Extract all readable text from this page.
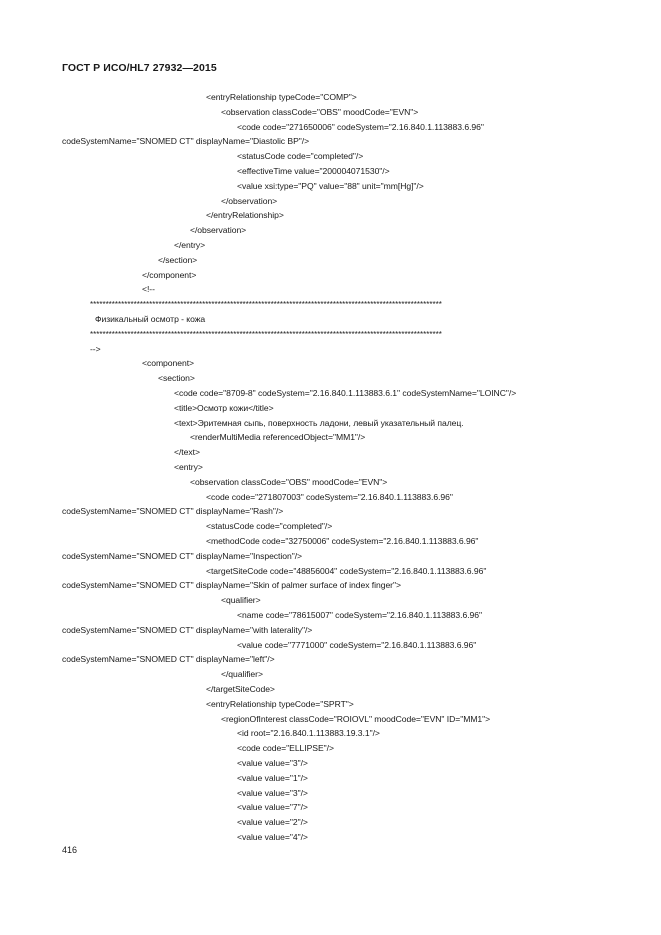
ГОСТ Р ИСО/HL7 27932—2015
<entryRelationship typeCode="COMP">
<observation classCode="OBS" moodCode="EVN">
<code code="271650006" codeSystem="2.16.840.1.113883.6.96"
codeSystemName="SNOMED CT" displayName="Diastolic BP"/>
<statusCode code="completed"/>
<effectiveTime value="200004071530"/>
<value xsi:type="PQ" value="88" unit="mm[Hg]"/>
</observation>
</entryRelationship>
</observation>
</entry>
</section>
</component>
<!--
*****************************************************************************************************************
Физикальный осмотр - кожа
*****************************************************************************************************************
-->
<component>
<section>
<code code="8709-8" codeSystem="2.16.840.1.113883.6.1" codeSystemName="LOINC"/>
<title>Осмотр кожи</title>
<text>Эритемная сыпь, поверхность ладони, левый указательный палец.
<renderMultiMedia referencedObject="MM1"/>
</text>
<entry>
<observation classCode="OBS" moodCode="EVN">
<code code="271807003" codeSystem="2.16.840.1.113883.6.96"
codeSystemName="SNOMED CT" displayName="Rash"/>
<statusCode code="completed"/>
<methodCode code="32750006" codeSystem="2.16.840.1.113883.6.96"
codeSystemName="SNOMED CT" displayName="Inspection"/>
<targetSiteCode code="48856004" codeSystem="2.16.840.1.113883.6.96"
codeSystemName="SNOMED CT" displayName="Skin of palmer surface of index finger">
<qualifier>
<name code="78615007" codeSystem="2.16.840.1.113883.6.96"
codeSystemName="SNOMED CT" displayName="with laterality"/>
<value code="7771000" codeSystem="2.16.840.1.113883.6.96"
codeSystemName="SNOMED CT" displayName="left"/>
</qualifier>
</targetSiteCode>
<entryRelationship typeCode="SPRT">
<regionOfInterest classCode="ROIOVL" moodCode="EVN" ID="MM1">
<id root="2.16.840.1.113883.19.3.1"/>
<code code="ELLIPSE"/>
<value value="3"/>
<value value="1"/>
<value value="3"/>
<value value="7"/>
<value value="2"/>
<value value="4"/>
416
